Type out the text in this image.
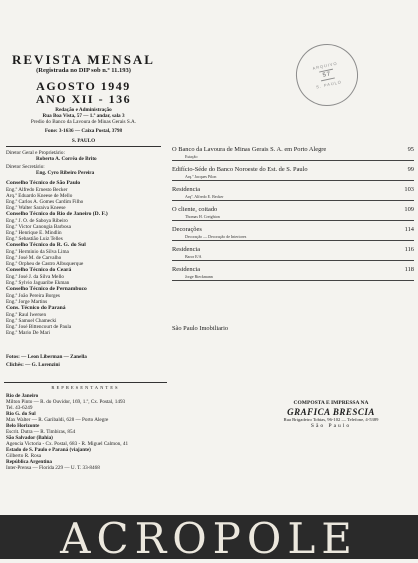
ARQUIVO
57
S. PAULO
REVISTA MENSAL
(Registrada no DIP sob n.º 11.193)
AGOSTO 1949
ANO XII - 136
Redação e Administração
Rua Boa Vista, 57 — 1.º andar, sala 3
Predio do Banco da Lavoura de Minas Gerais S.A.
Fone: 3-1636 — Caixa Postal, 3798
S. PAULO
Diretor Geral e Proprietário:
Roberto A. Corrêa de Brito
Diretor Secretário:
Eng. Cyro Ribeiro Pereira
Conselho Técnico de São Paulo
Eng.º Alfredo Ernesto Becker
Arq.º Eduardo Kneese de Mello
Eng.º Carlos A. Gomes Cardim Filho
Eng.º Walter Saraiva Kneese
Conselho Técnico do Rio de Janeiro (D. F.)
Eng.º J. O. de Saboya Ribeiro
Eng.º Victor Canongia Barbosa
Eng.º Henrique E. Mindlin
Eng.º Sebastião Luiz Telles
Conselho Técnico do R. G. do Sul
Eng.º Herminio da Silva Lima
Eng.º José M. de Carvalho
Eng.º Orpheu de Castro Albuquerque
Conselho Técnico do Ceará
Eng.º José J. da Silva Mello
Eng.º Sylvio Jaguaribe Ekman
Conselho Técnico de Pernambuco
Eng.º João Pereira Borges
Eng.º Jorge Martins
Cons. Técnico do Paraná
Eng.º Raul Iwersen
Eng.º Samuel Chamecki
Eng.º José Bittencourt de Paula
Eng.º Mario De Mari
Fotos: — Leon Liberman — Zanella
Clichês: — G. Lorenzini
REPRESENTANTES
Rio de Janeiro
Milton Pinto — R. do Ouvidor, 169, 1.º, Cx. Postal, 1493
Tel. 43-6249
Rio G. do Sul
Max Walter — R. Garibaldi, 628 — Porto Alegre
Belo Horizonte
Escrit. Dutra — R. Timbiras, 854
São Salvador (Bahia)
Agencia Victoria - Cx. Postal, 683 - R. Miguel Calmon, 41
Estado de S. Paulo e Paraná (viajante)
Gilberto R. Rosa
República Argentina
Inter-Prensa — Florida 229 — U. T. 33-8468
O Banco da Lavoura de Minas Gerais S. A. em Porto Alegre
Estação
95
Edifício-Séde do Banco Noroeste do Est. de S. Paulo
Arq.º Jacques Pilon
99
Residencia
Arqº. Alfredo E. Becker
103
O cliente, coitado
Thomas H. Creighton
109
Decorações
Decoração — Decoração de Interiores
114
Residencia
Baror E/A
116
Residencia
Jorge Rieckmann
118
São Paulo Imobiliario
COMPOSTA E IMPRESSA NA
GRAFICA BRESCIA
Rua Brigadeiro Tobias, 96-102 — Telefone, 4-5389
São Paulo
ACROPOLE
